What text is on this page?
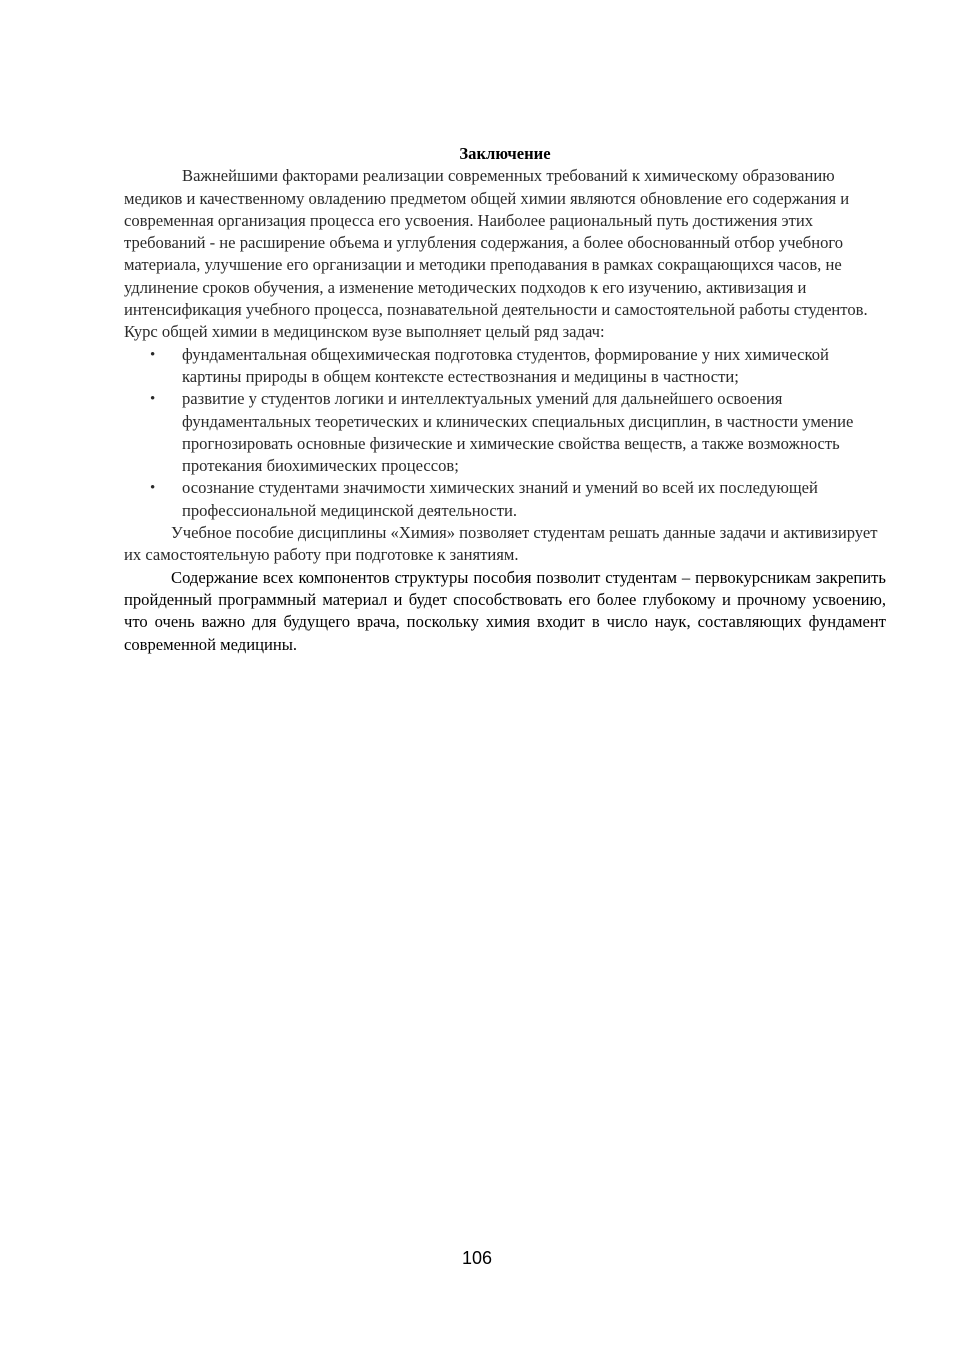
Заключение
Важнейшими факторами реализации современных требований к химическому образованию медиков и качественному овладению предметом общей химии являются обновление его содержания и современная организация процесса его усвоения. Наиболее рациональный путь достижения этих требований - не расширение объема и углубления содержания, а более обоснованный отбор учебного материала, улучшение его организации и методики преподавания в рамках сокращающихся часов, не удлинение сроков обучения, а изменение методических подходов к его изучению, активизация и интенсификация учебного процесса, познавательной деятельности и самостоятельной работы студентов.
Курс общей химии в медицинском вузе выполняет целый ряд задач:
• фундаментальная общехимическая подготовка студентов, формирование у них химической картины природы в общем контексте естествознания и медицины в частности;
• развитие у студентов логики и интеллектуальных умений для дальнейшего освоения фундаментальных теоретических и клинических специальных дисциплин, в частности умение прогнозировать основные физические и химические свойства веществ, а также возможность протекания биохимических процессов;
• осознание студентами значимости химических знаний и умений во всей их последующей профессиональной медицинской деятельности.
Учебное пособие дисциплины «Химия» позволяет студентам решать данные задачи и активизирует их самостоятельную работу при подготовке к занятиям.
Содержание всех компонентов структуры пособия позволит студентам – первокурсникам закрепить пройденный программный материал и будет способствовать его более глубокому и прочному усвоению, что очень важно для будущего врача, поскольку химия входит в число наук, составляющих фундамент современной медицины.
106
